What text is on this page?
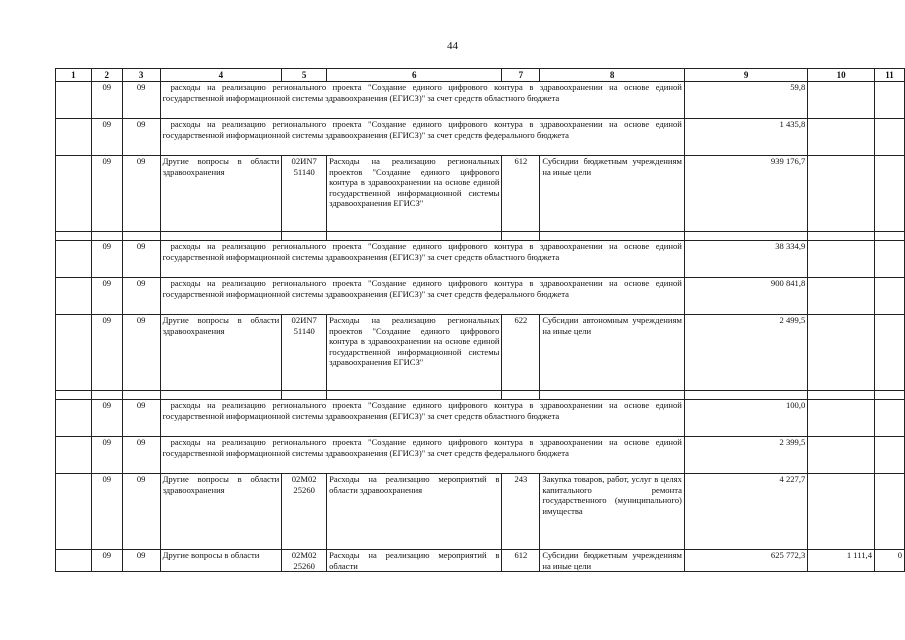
44
1	2	3	4	5	6	7	8	9	10	11
	09	09	расходы на реализацию регионального проекта "Создание единого цифрового контура в здравоохранении на основе единой государственной информационной системы здравоохранения (ЕГИСЗ)" за счет средств областного бюджета					59,8		
	09	09	расходы на реализацию регионального проекта "Создание единого цифрового контура в здравоохранении на основе единой государственной информационной системы здравоохранения (ЕГИСЗ)" за счет средств федерального бюджета					1 435,8		
	09	09	Другие вопросы в области здравоохранения	02ИN7 51140	Расходы на реализацию региональных проектов "Создание единого цифрового контура в здравоохранении на основе единой государственной информационной системы здравоохранения ЕГИСЗ"	612	Субсидии бюджетным учреждениям на иные цели	939 176,7		

	09	09	расходы на реализацию регионального проекта "Создание единого цифрового контура в здравоохранении на основе единой государственной информационной системы здравоохранения (ЕГИСЗ)" за счет средств областного бюджета					38 334,9		
	09	09	расходы на реализацию регионального проекта "Создание единого цифрового контура в здравоохранении на основе единой государственной информационной системы здравоохранения (ЕГИСЗ)" за счет средств федерального бюджета					900 841,8		
	09	09	Другие вопросы в области здравоохранения	02ИN7 51140	Расходы на реализацию региональных проектов "Создание единого цифрового контура в здравоохранении на основе единой государственной информационной системы здравоохранения ЕГИСЗ"	622	Субсидии автономным учреждениям на иные цели	2 499,5		

	09	09	расходы на реализацию регионального проекта "Создание единого цифрового контура в здравоохранении на основе единой государственной информационной системы здравоохранения (ЕГИСЗ)" за счет средств областного бюджета					100,0		
	09	09	расходы на реализацию регионального проекта "Создание единого цифрового контура в здравоохранении на основе единой государственной информационной системы здравоохранения (ЕГИСЗ)" за счет средств федерального бюджета					2 399,5		
	09	09	Другие вопросы в области здравоохранения	02М02 25260	Расходы на реализацию мероприятий в области здравоохранения	243	Закупка товаров, работ, услуг в целях капитального ремонта государственного (муниципального) имущества	4 227,7		
	09	09	Другие вопросы в области	02М02 25260	Расходы на реализацию мероприятий в области	612	Субсидии бюджетным учреждениям на иные цели	625 772,3	1 111,4	0
